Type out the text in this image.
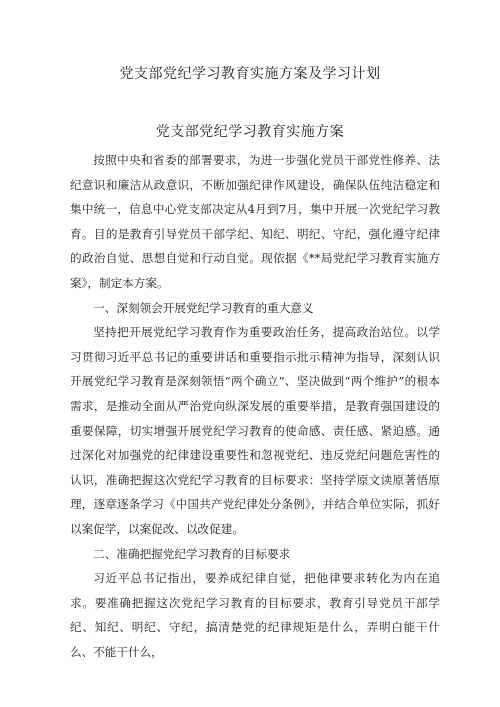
党支部党纪学习教育实施方案及学习计划
党支部党纪学习教育实施方案

按照中央和省委的部署要求，为进一步强化党员干部党性修养、法纪意识和廉洁从政意识，不断加强纪律作风建设，确保队伍纯洁稳定和集中统一，信息中心党支部决定从4月到7月，集中开展一次党纪学习教育。目的是教育引导党员干部学纪、知纪、明纪、守纪，强化遵守纪律的政治自觉、思想自觉和行动自觉。现依据《**局党纪学习教育实施方案》，制定本方案。

一、深刻领会开展党纪学习教育的重大意义

坚持把开展党纪学习教育作为重要政治任务，提高政治站位。以学习贯彻习近平总书记的重要讲话和重要指示批示精神为指导，深刻认识开展党纪学习教育是深刻领悟“两个确立”、坚决做到“两个维护”的根本需求，是推动全面从严治党向纵深发展的重要举措，是教育强国建设的重要保障，切实增强开展党纪学习教育的使命感、责任感、紧迫感。通过深化对加强党的纪律建设重要性和忽视党纪、违反党纪问题危害性的认识，准确把握这次党纪学习教育的目标要求：坚持学原文读原著悟原理，逐章逐条学习《中国共产党纪律处分条例》，并结合单位实际，抓好以案促学，以案促改、以改促建。

二、准确把握党纪学习教育的目标要求

习近平总书记指出，要养成纪律自觉，把他律要求转化为内在追求。要准确把握这次党纪学习教育的目标要求，教育引导党员干部学纪、知纪、明纪、守纪，搞清楚党的纪律规矩是什么，弄明白能干什么、不能干什么，
